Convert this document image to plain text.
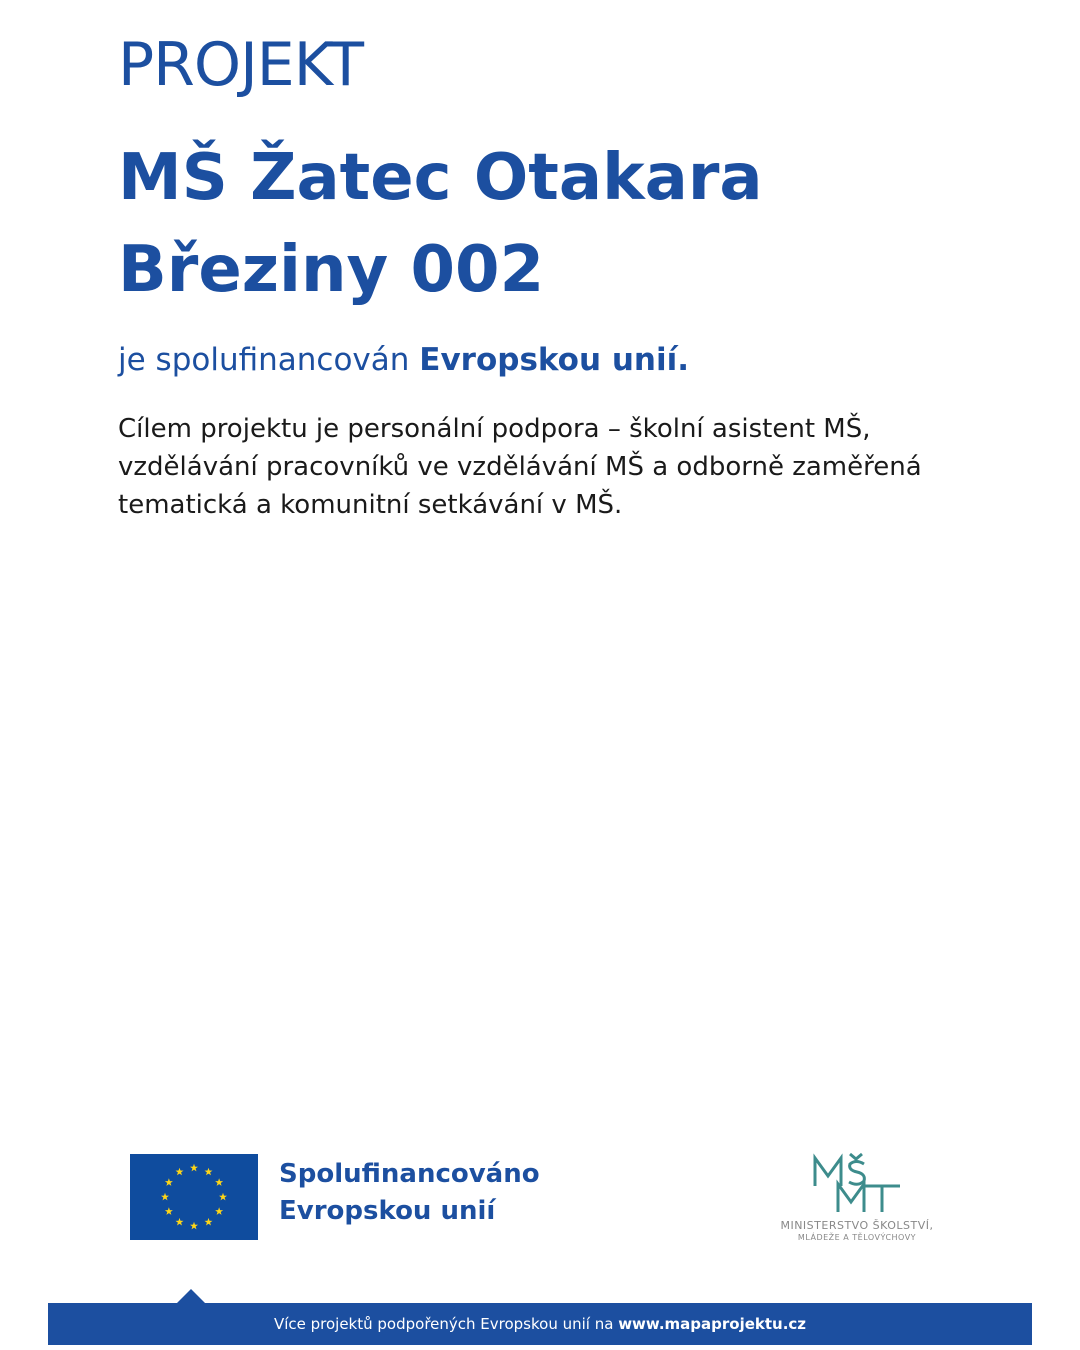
PROJEKT
MŠ Žatec Otakara
Březiny 002

je spolufinancován Evropskou unií.

Cílem projektu je personální podpora – školní asistent MŠ,
vzdělávání pracovníků ve vzdělávání MŠ a odborně zaměřená
tematická a komunitní setkávání v MŠ.
Spolufinancováno
Evropskou unií	MINISTERSTVO ŠKOLSTVÍ,
MLÁDEŽE A TĚLOVÝCHOVY
Více projektů podpořených Evropskou unií na www.mapaprojektu.cz
